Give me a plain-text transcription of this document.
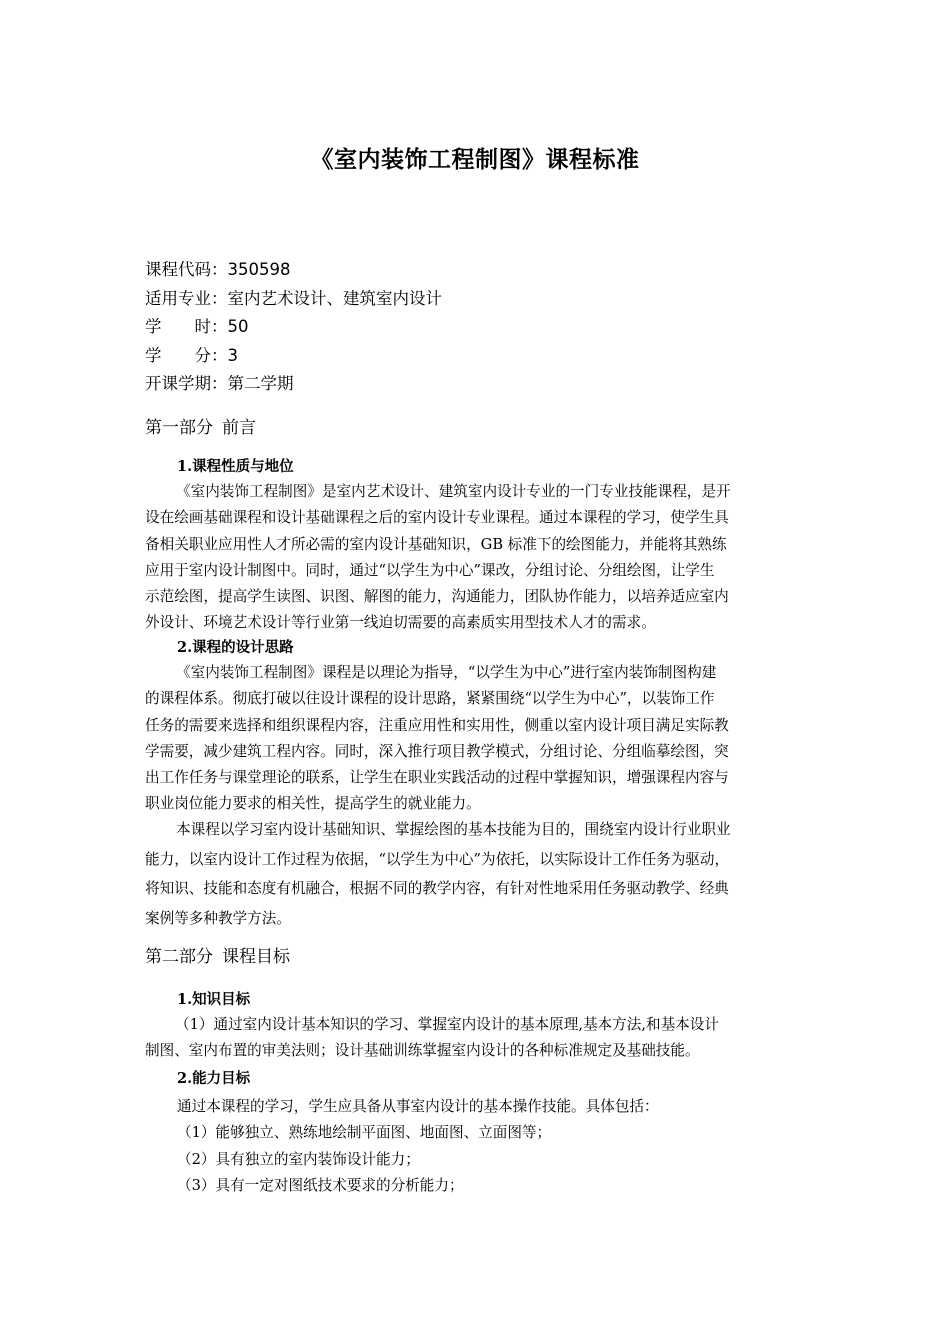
《室内装饰工程制图》课程标准
课程代码：350598
适用专业：室内艺术设计、建筑室内设计
学　　时：50
学　　分：3
开课学期：第二学期
第一部分 前言
1.课程性质与地位
《室内装饰工程制图》是室内艺术设计、建筑室内设计专业的一门专业技能课程，是开
设在绘画基础课程和设计基础课程之后的室内设计专业课程。通过本课程的学习，使学生具
备相关职业应用性人才所必需的室内设计基础知识，GB 标准下的绘图能力，并能将其熟练
应用于室内设计制图中。同时，通过“以学生为中心”课改，分组讨论、分组绘图，让学生
示范绘图，提高学生读图、识图、解图的能力，沟通能力，团队协作能力，以培养适应室内
外设计、环境艺术设计等行业第一线迫切需要的高素质实用型技术人才的需求。
2.课程的设计思路
《室内装饰工程制图》课程是以理论为指导，“以学生为中心”进行室内装饰制图构建
的课程体系。彻底打破以往设计课程的设计思路，紧紧围绕“以学生为中心”，以装饰工作
任务的需要来选择和组织课程内容，注重应用性和实用性，侧重以室内设计项目满足实际教
学需要，减少建筑工程内容。同时，深入推行项目教学模式，分组讨论、分组临摹绘图，突
出工作任务与课堂理论的联系，让学生在职业实践活动的过程中掌握知识，增强课程内容与
职业岗位能力要求的相关性，提高学生的就业能力。
本课程以学习室内设计基础知识、掌握绘图的基本技能为目的，围绕室内设计行业职业
能力，以室内设计工作过程为依据，“以学生为中心”为依托，以实际设计工作任务为驱动，
将知识、技能和态度有机融合，根据不同的教学内容，有针对性地采用任务驱动教学、经典
案例等多种教学方法。
第二部分 课程目标
1.知识目标
（1）通过室内设计基本知识的学习、掌握室内设计的基本原理,基本方法,和基本设计
制图、室内布置的审美法则；设计基础训练掌握室内设计的各种标准规定及基础技能。
2.能力目标
通过本课程的学习，学生应具备从事室内设计的基本操作技能。具体包括：
（1）能够独立、熟练地绘制平面图、地面图、立面图等；
（2）具有独立的室内装饰设计能力；
（3）具有一定对图纸技术要求的分析能力；
